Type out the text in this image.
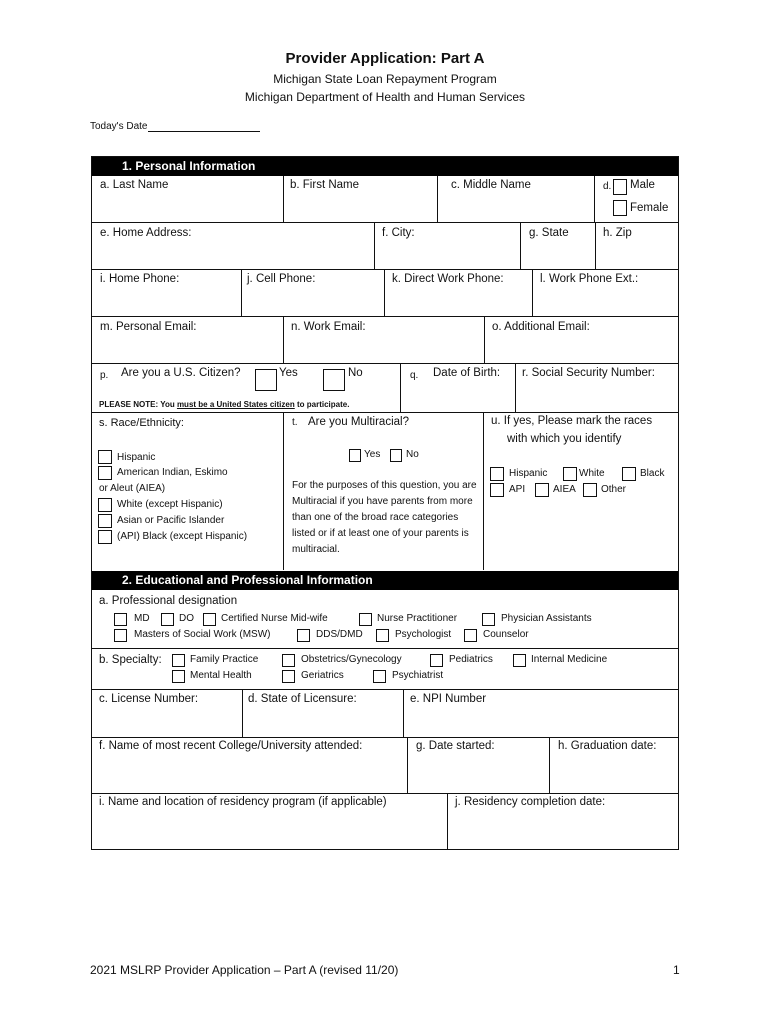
Provider Application: Part A
Michigan State Loan Repayment Program
Michigan Department of Health and Human Services
Today's Date
1. Personal Information
a. Last Name	b. First Name	c. Middle Name	d. Male
Female
e. Home Address:	f. City:	g. State	h. Zip
i. Home Phone:	j. Cell Phone:	k. Direct Work Phone:	l. Work Phone Ext.:
m. Personal Email:	n. Work Email:	o. Additional Email:
p. Are you a U.S. Citizen?	Yes	No	q. Date of Birth: r. Social Security Number:
PLEASE NOTE: You must be a United States citizen to participate.
s. Race/Ethnicity:
Hispanic
American Indian, Eskimo
or Aleut (AIEA)
White (except Hispanic)
Asian or Pacific Islander
(API) Black (except Hispanic)
t. Are you Multiracial?
Yes	No
For the purposes of this question, you are Multiracial if you have parents from more than one of the broad race categories listed or if at least one of your parents is multiracial.
u. If yes, Please mark the races
with which you identify
Hispanic	White	Black
API	AIEA	Other
2. Educational and Professional Information
a. Professional designation
MD	DO	Certified Nurse Mid-wife	Nurse Practitioner	Physician Assistants
Masters of Social Work (MSW)	DDS/DMD	Psychologist	Counselor
b. Specialty:	Family Practice	Obstetrics/Gynecology	Pediatrics	Internal Medicine
Mental Health	Geriatrics	Psychiatrist
c. License Number:	d. State of Licensure:	e. NPI Number
f. Name of most recent College/University attended:	g. Date started:	h. Graduation date:
i. Name and location of residency program (if applicable)	j. Residency completion date:
2021 MSLRP Provider Application – Part A (revised 11/20)	1
